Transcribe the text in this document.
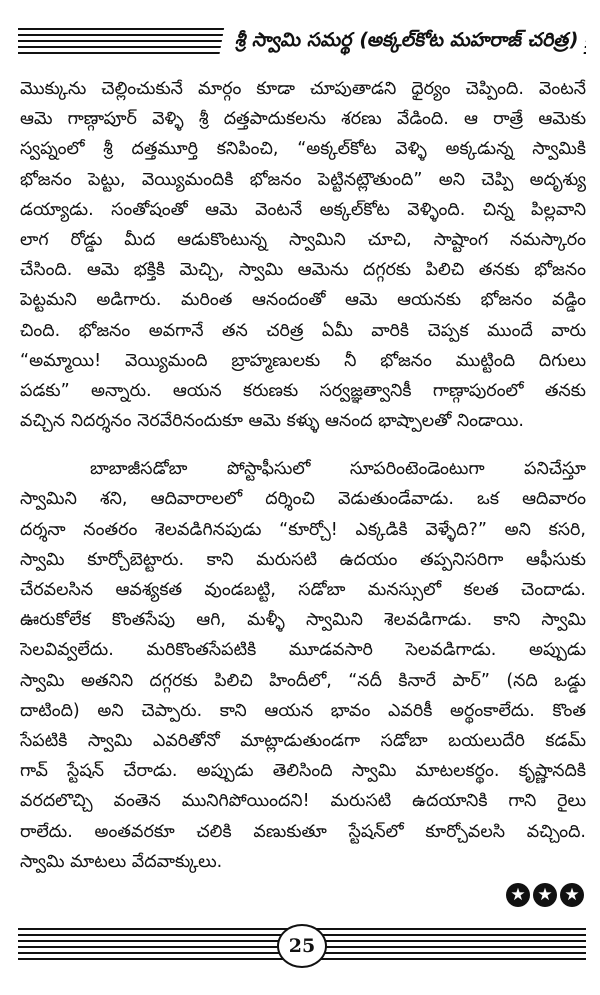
శ్రీ స్వామి సమర్థ (అక్కల్‌కోట మహరాజ్ చరిత్ర)
మొక్కును చెల్లించుకునే మార్గం కూడా చూపుతాడని ధైర్యం చెప్పింది. వెంటనే
ఆమె గాణ్గాపూర్ వెళ్ళి శ్రీ దత్తపాదుకలను శరణు వేడింది. ఆ రాత్రే ఆమెకు
స్వప్నంలో శ్రీ దత్తమూర్తి కనిపించి, “అక్కల్‌కోట వెళ్ళి అక్కడున్న స్వామికి
భోజనం పెట్టు, వెయ్యిమందికి భోజనం పెట్టినట్లౌతుంది” అని చెప్పి అదృశ్యు
డయ్యాడు. సంతోషంతో ఆమె వెంటనే అక్కల్‌కోట వెళ్ళింది. చిన్న పిల్లవాని
లాగ రోడ్డు మీద ఆడుకొంటున్న స్వామిని చూచి, సాష్టాంగ నమస్కారం
చేసింది. ఆమె భక్తికి మెచ్చి, స్వామి ఆమెను దగ్గరకు పిలిచి తనకు భోజనం
పెట్టమని అడిగారు. మరింత ఆనందంతో ఆమె ఆయనకు భోజనం వడ్డిం
చింది. భోజనం అవగానే తన చరిత్ర ఏమీ వారికి చెప్పక ముందే వారు
“అమ్మాయి! వెయ్యిమంది బ్రాహ్మణులకు నీ భోజనం ముట్టింది దిగులు
పడకు” అన్నారు. ఆయన కరుణకు సర్వజ్ఞత్వానికీ గాణ్గాపురంలో తనకు
వచ్చిన నిదర్శనం నెరవేరినందుకూ ఆమె కళ్ళు ఆనంద భాష్పాలతో నిండాయి.
బాబాజీసడోబా పోస్టాఫీసులో సూపరింటెండెంటుగా పనిచేస్తూ
స్వామిని శని, ఆదివారాలలో దర్శించి వెడుతుండేవాడు. ఒక ఆదివారం
దర్శనా నంతరం శెలవడిగినపుడు “కూర్చో! ఎక్కడికి వెళ్ళేది?” అని కసరి,
స్వామి కూర్చోబెట్టారు. కాని మరుసటి ఉదయం తప్పనిసరిగా ఆఫీసుకు
చేరవలసిన ఆవశ్యకత వుండబట్టి, సడోబా మనస్సులో కలత చెందాడు.
ఊరుకోలేక కొంతసేపు ఆగి, మళ్ళీ స్వామిని శెలవడిగాడు. కాని స్వామి
సెలవివ్వలేదు. మరికొంతసేపటికి మూడవసారి సెలవడిగాడు. అప్పుడు
స్వామి అతనిని దగ్గరకు పిలిచి హిందీలో, “నదీ కినారే పార్” (నది ఒడ్డు
దాటింది) అని చెప్పారు. కాని ఆయన భావం ఎవరికీ అర్థంకాలేదు. కొంత
సేపటికి స్వామి ఎవరితోనో మాట్లాడుతుండగా సడోబా బయలుదేరి కడమ్
గావ్ స్టేషన్ చేరాడు. అప్పుడు తెలిసింది స్వామి మాటలకర్థం. కృష్ణానదికి
వరదలొచ్చి వంతెన మునిగిపోయిందని! మరుసటి ఉదయానికి గాని రైలు
రాలేదు. అంతవరకూ చలికి వణుకుతూ స్టేషన్‌లో కూర్చోవలసి వచ్చింది.
స్వామి మాటలు వేదవాక్కులు.
★ ★ ★
25
